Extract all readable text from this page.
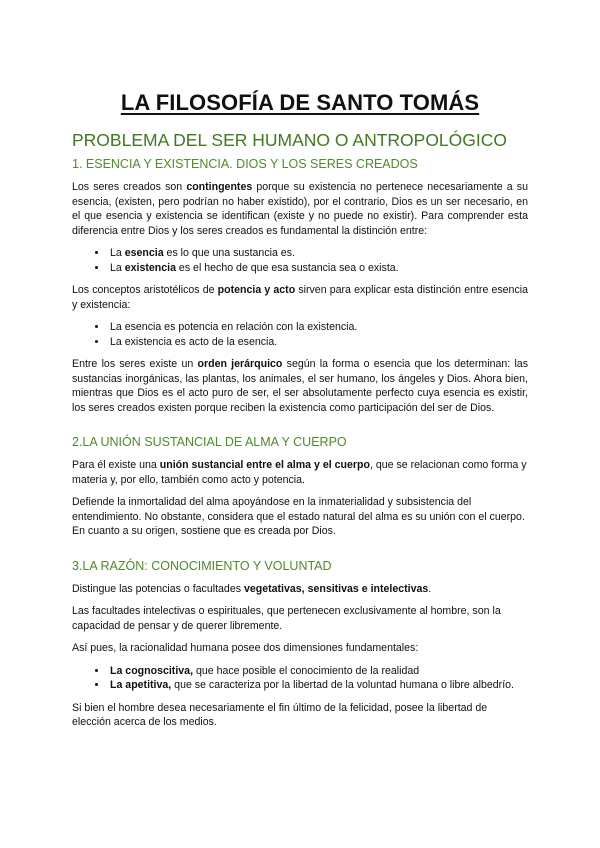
LA FILOSOFÍA DE SANTO TOMÁS
PROBLEMA DEL SER HUMANO O ANTROPOLÓGICO
1. ESENCIA Y EXISTENCIA. DIOS Y LOS SERES CREADOS

Los seres creados son contingentes porque su existencia no pertenece necesariamente a su esencia, (existen, pero podrían no haber existido), por el contrario, Dios es un ser necesario, en el que esencia y existencia se identifican (existe y no puede no existir). Para comprender esta diferencia entre Dios y los seres creados es fundamental la distinción entre:

• La esencia es lo que una sustancia es.
• La existencia es el hecho de que esa sustancia sea o exista.

Los conceptos aristotélicos de potencia y acto sirven para explicar esta distinción entre esencia y existencia:

• La esencia es potencia en relación con la existencia.
• La existencia es acto de la esencia.

Entre los seres existe un orden jerárquico según la forma o esencia que los determinan: las sustancias inorgánicas, las plantas, los animales, el ser humano, los ángeles y Dios. Ahora bien, mientras que Dios es el acto puro de ser, el ser absolutamente perfecto cuya esencia es existir, los seres creados existen porque reciben la existencia como participación del ser de Dios.

2.LA UNIÓN SUSTANCIAL DE ALMA Y CUERPO

Para él existe una unión sustancial entre el alma y el cuerpo, que se relacionan como forma y materia y, por ello, también como acto y potencia.

Defiende la inmortalidad del alma apoyándose en la inmaterialidad y subsistencia del entendimiento. No obstante, considera que el estado natural del alma es su unión con el cuerpo. En cuanto a su origen, sostiene que es creada por Dios.

3.LA RAZÓN: CONOCIMIENTO Y VOLUNTAD

Distingue las potencias o facultades vegetativas, sensitivas e intelectivas.

Las facultades intelectivas o espirituales, que pertenecen exclusivamente al hombre, son la capacidad de pensar y de querer libremente.

Así pues, la racionalidad humana posee dos dimensiones fundamentales:

• La cognoscitiva, que hace posible el conocimiento de la realidad
• La apetitiva, que se caracteriza por la libertad de la voluntad humana o libre albedrío.

Si bien el hombre desea necesariamente el fin último de la felicidad, posee la libertad de elección acerca de los medios.
